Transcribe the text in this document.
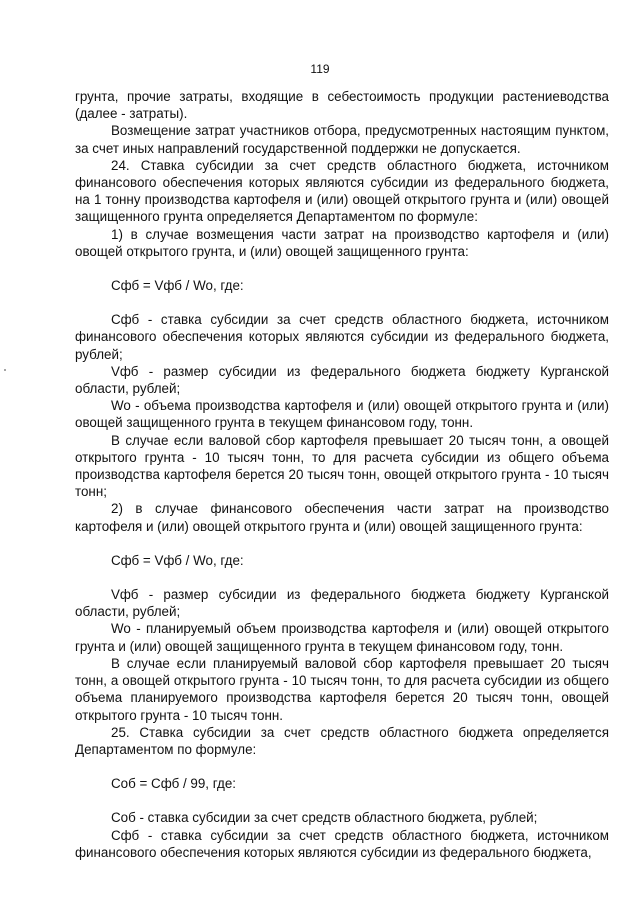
119

грунта, прочие затраты, входящие в себестоимость продукции растениеводства (далее - затраты).

Возмещение затрат участников отбора, предусмотренных настоящим пунктом, за счет иных направлений государственной поддержки не допускается.

24. Ставка субсидии за счет средств областного бюджета, источником финансового обеспечения которых являются субсидии из федерального бюджета, на 1 тонну производства картофеля и (или) овощей открытого грунта и (или) овощей защищенного грунта определяется Департаментом по формуле:

1) в случае возмещения части затрат на производство картофеля и (или) овощей открытого грунта, и (или) овощей защищенного грунта:

Сфб = Vфб / Wo, где:

Сфб - ставка субсидии за счет средств областного бюджета, источником финансового обеспечения которых являются субсидии из федерального бюджета, рублей;

Vфб - размер субсидии из федерального бюджета бюджету Курганской области, рублей;

Wo - объема производства картофеля и (или) овощей открытого грунта и (или) овощей защищенного грунта в текущем финансовом году, тонн.

В случае если валовой сбор картофеля превышает 20 тысяч тонн, а овощей открытого грунта - 10 тысяч тонн, то для расчета субсидии из общего объема производства картофеля берется 20 тысяч тонн, овощей открытого грунта - 10 тысяч тонн;

2) в случае финансового обеспечения части затрат на производство картофеля и (или) овощей открытого грунта и (или) овощей защищенного грунта:

Сфб = Vфб / Wo, где:

Vфб - размер субсидии из федерального бюджета бюджету Курганской области, рублей;

Wo - планируемый объем производства картофеля и (или) овощей открытого грунта и (или) овощей защищенного грунта в текущем финансовом году, тонн.

В случае если планируемый валовой сбор картофеля превышает 20 тысяч тонн, а овощей открытого грунта - 10 тысяч тонн, то для расчета субсидии из общего объема планируемого производства картофеля берется 20 тысяч тонн, овощей открытого грунта - 10 тысяч тонн.

25. Ставка субсидии за счет средств областного бюджета определяется Департаментом по формуле:

Соб = Сфб / 99, где:

Соб - ставка субсидии за счет средств областного бюджета, рублей;

Сфб - ставка субсидии за счет средств областного бюджета, источником финансового обеспечения которых являются субсидии из федерального бюджета,
